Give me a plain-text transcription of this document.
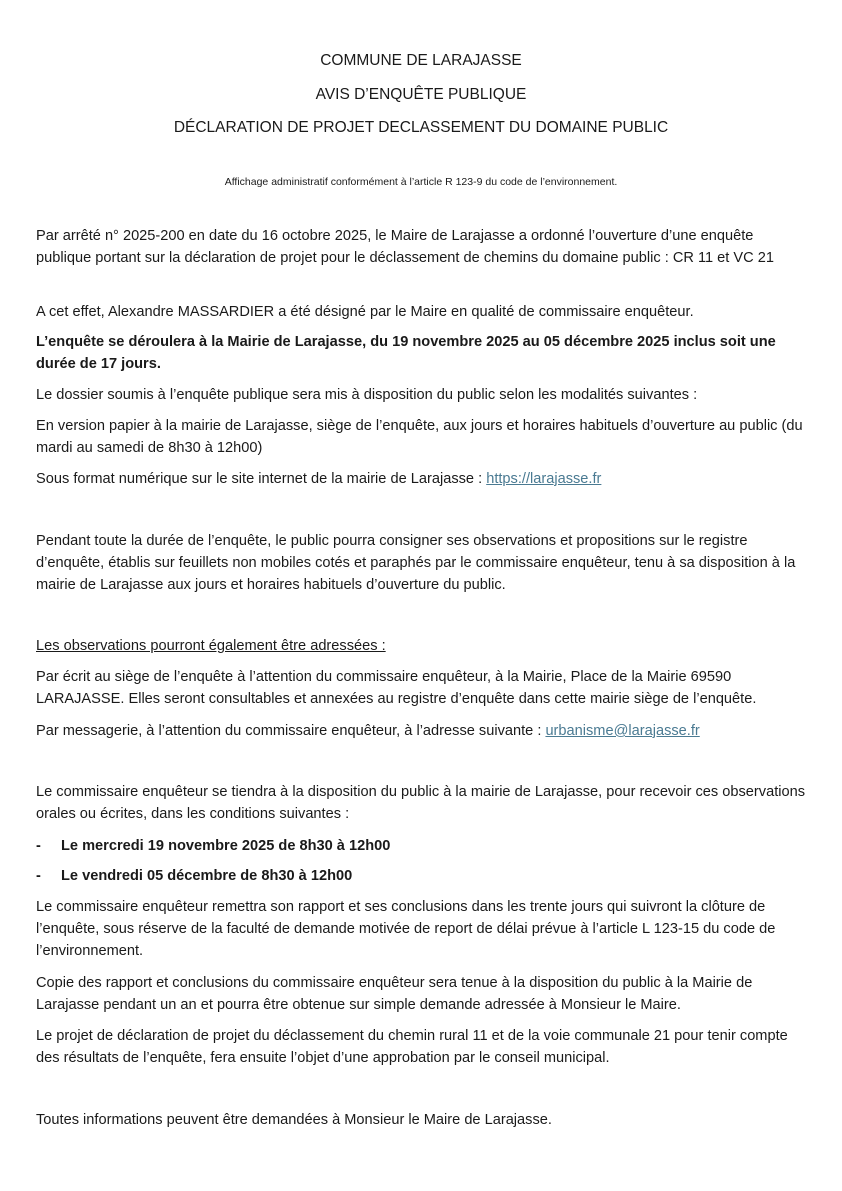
COMMUNE DE LARAJASSE
AVIS D’ENQUÊTE PUBLIQUE
DÉCLARATION DE PROJET DECLASSEMENT DU DOMAINE PUBLIC
Affichage administratif conformément à l’article R 123-9 du code de l’environnement.

Par arrêté n° 2025-200 en date du 16 octobre 2025, le Maire de Larajasse a ordonné l’ouverture d’une enquête publique portant sur la déclaration de projet pour le déclassement de chemins du domaine public : CR 11 et VC 21

A cet effet, Alexandre MASSARDIER a été désigné par le Maire en qualité de commissaire enquêteur.

L’enquête se déroulera à la Mairie de Larajasse, du 19 novembre 2025 au 05 décembre 2025 inclus soit une durée de 17 jours.

Le dossier soumis à l’enquête publique sera mis à disposition du public selon les modalités suivantes :

En version papier à la mairie de Larajasse, siège de l’enquête, aux jours et horaires habituels d’ouverture au public (du mardi au samedi de 8h30 à 12h00)

Sous format numérique sur le site internet de la mairie de Larajasse : https://larajasse.fr

Pendant toute la durée de l’enquête, le public pourra consigner ses observations et propositions sur le registre d’enquête, établis sur feuillets non mobiles cotés et paraphés par le commissaire enquêteur, tenu à sa disposition à la mairie de Larajasse aux jours et horaires habituels d’ouverture du public.

Les observations pourront également être adressées :

Par écrit au siège de l’enquête à l’attention du commissaire enquêteur, à la Mairie, Place de la Mairie 69590 LARAJASSE. Elles seront consultables et annexées au registre d’enquête dans cette mairie siège de l’enquête.

Par messagerie, à l’attention du commissaire enquêteur, à l’adresse suivante : urbanisme@larajasse.fr

Le commissaire enquêteur se tiendra à la disposition du public à la mairie de Larajasse, pour recevoir ces observations orales ou écrites, dans les conditions suivantes :

- Le mercredi 19 novembre 2025 de 8h30 à 12h00
- Le vendredi 05 décembre de 8h30 à 12h00

Le commissaire enquêteur remettra son rapport et ses conclusions dans les trente jours qui suivront la clôture de l’enquête, sous réserve de la faculté de demande motivée de report de délai prévue à l’article L 123-15 du code de l’environnement.

Copie des rapport et conclusions du commissaire enquêteur sera tenue à la disposition du public à la Mairie de Larajasse pendant un an et pourra être obtenue sur simple demande adressée à Monsieur le Maire.

Le projet de déclaration de projet du déclassement du chemin rural 11 et de la voie communale 21 pour tenir compte des résultats de l’enquête, fera ensuite l’objet d’une approbation par le conseil municipal.

Toutes informations peuvent être demandées à Monsieur le Maire de Larajasse.
